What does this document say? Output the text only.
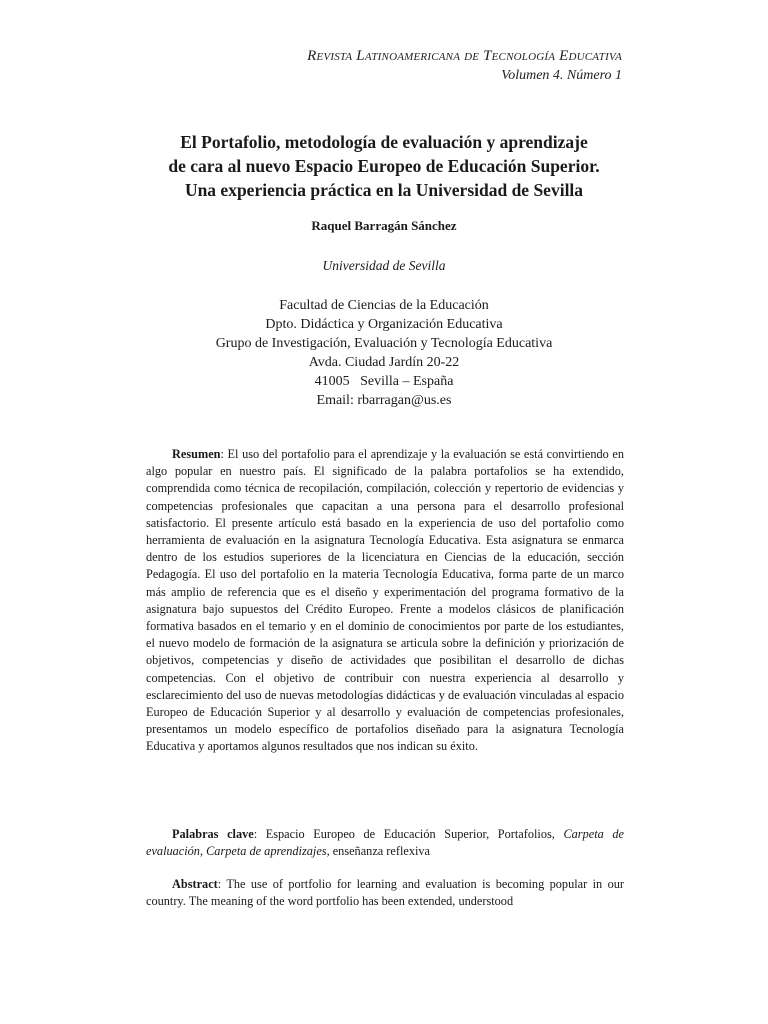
Revista Latinoamericana de Tecnología Educativa
Volumen 4. Número 1
El Portafolio, metodología de evaluación y aprendizaje
de cara al nuevo Espacio Europeo de Educación Superior.
Una experiencia práctica en la Universidad de Sevilla
Raquel Barragán Sánchez
Universidad de Sevilla
Facultad de Ciencias de la Educación
Dpto. Didáctica y Organización Educativa
Grupo de Investigación, Evaluación y Tecnología Educativa
Avda. Ciudad Jardín 20-22
41005   Sevilla – España
Email: rbarragan@us.es

Resumen: El uso del portafolio para el aprendizaje y la evaluación se está convirtiendo en algo popular en nuestro país. El significado de la palabra portafolios se ha extendido, comprendida como técnica de recopilación, compilación, colección y repertorio de evidencias y competencias profesionales que capacitan a una persona para el desarrollo profesional satisfactorio. El presente artículo está basado en la experiencia de uso del portafolio como herramienta de evaluación en la asignatura Tecnología Educativa. Esta asignatura se enmarca dentro de los estudios superiores de la licenciatura en Ciencias de la educación, sección Pedagogía. El uso del portafolio en la materia Tecnología Educativa, forma parte de un marco más amplio de referencia que es el diseño y experimentación del programa formativo de la asignatura bajo supuestos del Crédito Europeo. Frente a modelos clásicos de planificación formativa basados en el temario y en el dominio de conocimientos por parte de los estudiantes, el nuevo modelo de formación de la asignatura se articula sobre la definición y priorización de objetivos, competencias y diseño de actividades que posibilitan el desarrollo de dichas competencias. Con el objetivo de contribuir con nuestra experiencia al desarrollo y esclarecimiento del uso de nuevas metodologías didácticas y de evaluación vinculadas al espacio Europeo de Educación Superior y al desarrollo y evaluación de competencias profesionales, presentamos un modelo específico de portafolios diseñado para la asignatura Tecnología Educativa y aportamos algunos resultados que nos indican su éxito.

Palabras clave: Espacio Europeo de Educación Superior, Portafolios, Carpeta de evaluación, Carpeta de aprendizajes, enseñanza reflexiva

Abstract: The use of portfolio for learning and evaluation is becoming popular in our country. The meaning of the word portfolio has been extended, understood
